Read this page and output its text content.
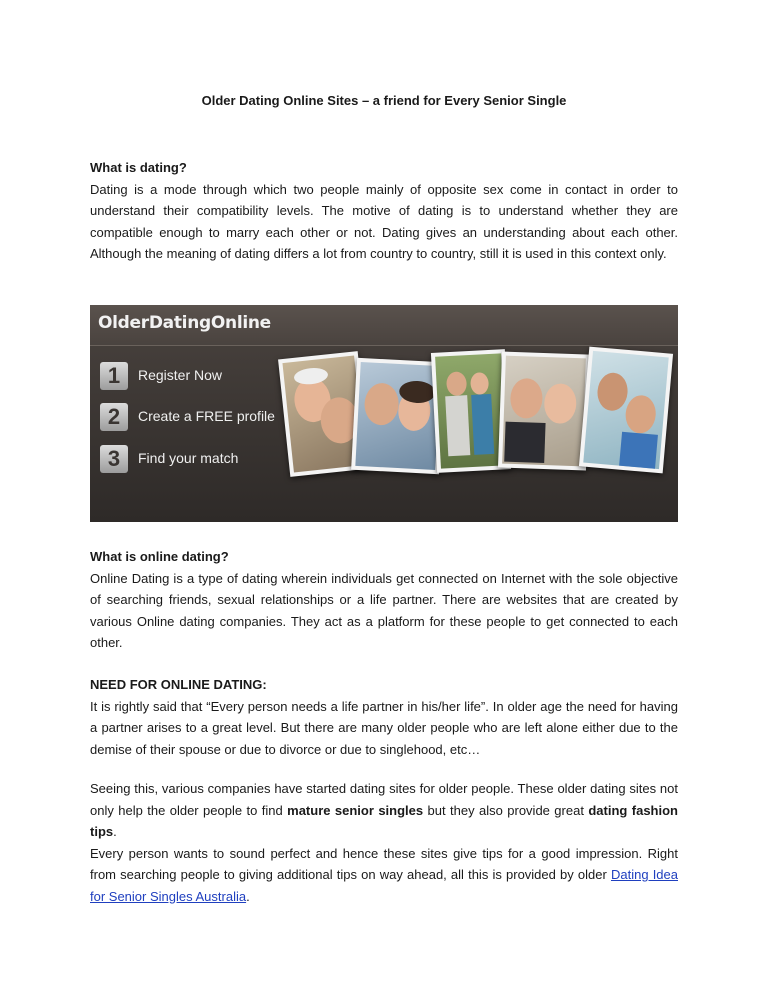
Older Dating Online Sites – a friend for Every Senior Single
What is dating?

Dating is a mode through which two people mainly of opposite sex come in contact in order to understand their compatibility levels. The motive of dating is to understand whether they are compatible enough to marry each other or not. Dating gives an understanding about each other. Although the meaning of dating differs a lot from country to country, still it is used in this context only.

OlderDatingOnline
1	Register Now
2	Create a FREE profile
3	Find your match
What is online dating?

Online Dating is a type of dating wherein individuals get connected on Internet with the sole objective of searching friends, sexual relationships or a life partner. There are websites that are created by various Online dating companies. They act as a platform for these people to get connected to each other.

NEED FOR ONLINE DATING:

It is rightly said that “Every person needs a life partner in his/her life”. In older age the need for having a partner arises to a great level. But there are many older people who are left alone either due to the demise of their spouse or due to divorce or due to singlehood, etc…

Seeing this, various companies have started dating sites for older people. These older dating sites not only help the older people to find mature senior singles but they also provide great dating fashion tips.

Every person wants to sound perfect and hence these sites give tips for a good impression. Right from searching people to giving additional tips on way ahead, all this is provided by older Dating Idea for Senior Singles Australia.
